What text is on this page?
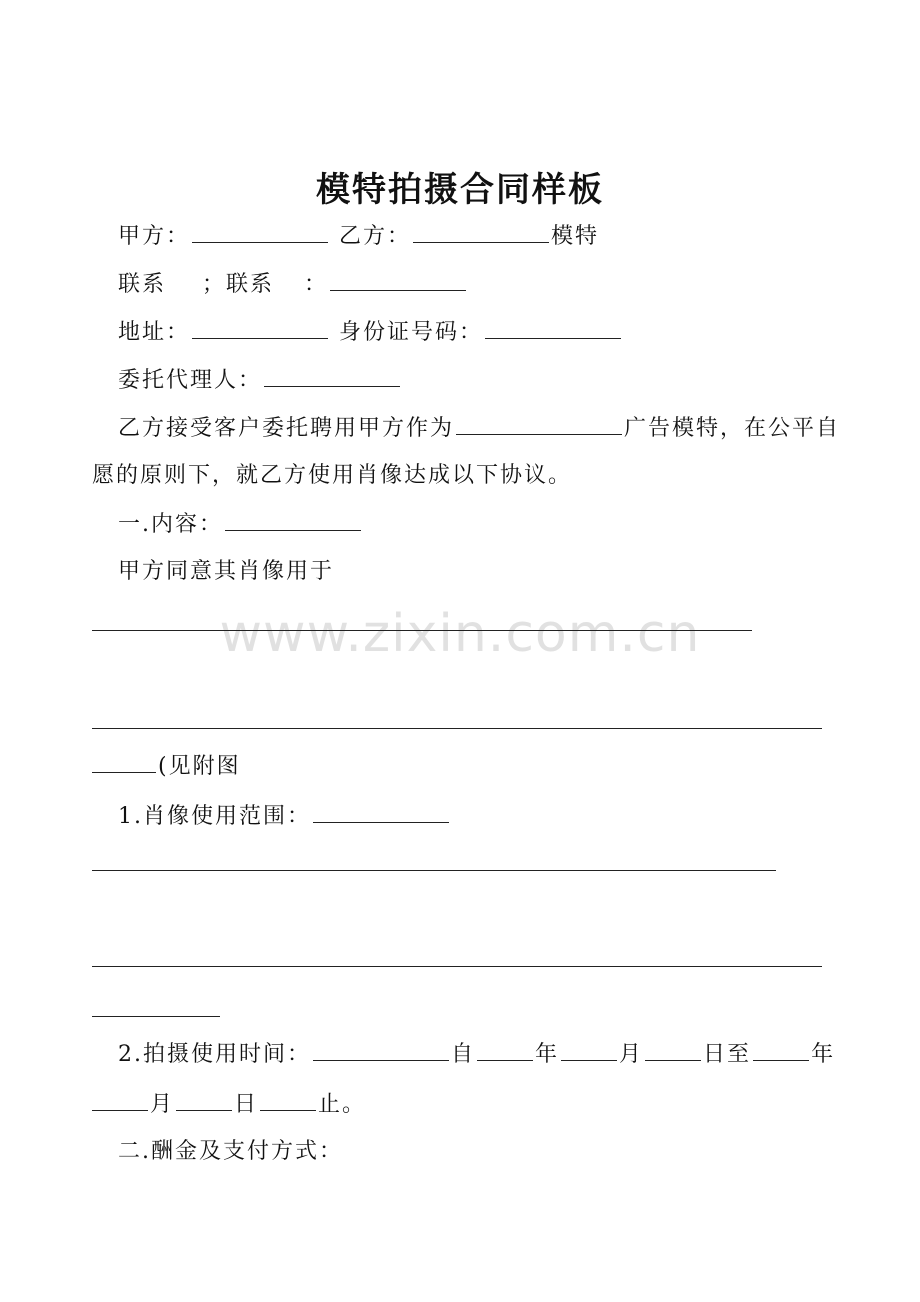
www.zixin.com.cn
模特拍摄合同样板
甲方：	乙方：	模特
联系 ；联系 ：
地址：	身份证号码：
委托代理人：
乙方接受客户委托聘用甲方作为	广告模特，在公平自
愿的原则下，就乙方使用肖像达成以下协议。
一.内容：
甲方同意其肖像用于
(见附图
1.肖像使用范围：
2.拍摄使用时间：	自	年	月	日至	年
月	日	止。
二.酬金及支付方式：
